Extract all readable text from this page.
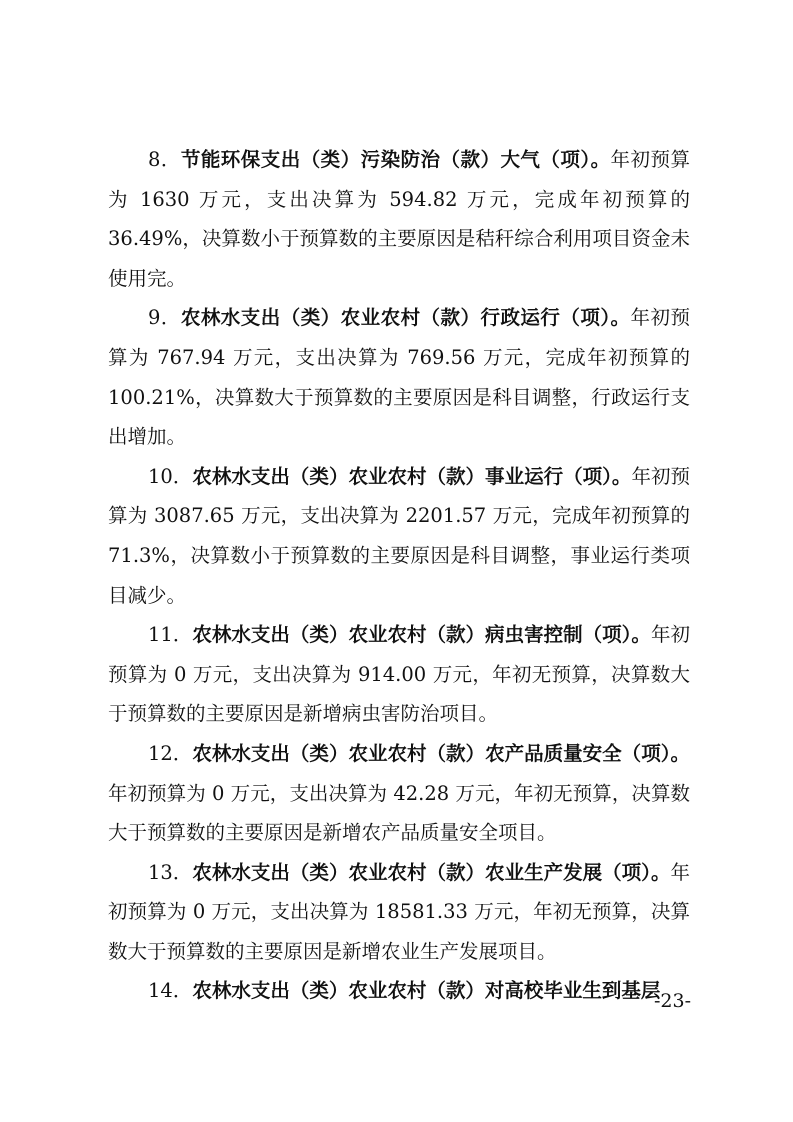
8．节能环保支出（类）污染防治（款）大气（项）。年初预算为 1630 万元，支出决算为 594.82 万元，完成年初预算的 36.49%，决算数小于预算数的主要原因是秸秆综合利用项目资金未使用完。

9．农林水支出（类）农业农村（款）行政运行（项）。年初预算为 767.94 万元，支出决算为 769.56 万元，完成年初预算的 100.21%，决算数大于预算数的主要原因是科目调整，行政运行支出增加。

10．农林水支出（类）农业农村（款）事业运行（项）。年初预算为 3087.65 万元，支出决算为 2201.57 万元，完成年初预算的 71.3%，决算数小于预算数的主要原因是科目调整，事业运行类项目减少。

11．农林水支出（类）农业农村（款）病虫害控制（项）。年初预算为 0 万元，支出决算为 914.00 万元，年初无预算，决算数大于预算数的主要原因是新增病虫害防治项目。

12．农林水支出（类）农业农村（款）农产品质量安全（项）。年初预算为 0 万元，支出决算为 42.28 万元，年初无预算，决算数大于预算数的主要原因是新增农产品质量安全项目。

13．农林水支出（类）农业农村（款）农业生产发展（项）。年初预算为 0 万元，支出决算为 18581.33 万元，年初无预算，决算数大于预算数的主要原因是新增农业生产发展项目。

14．农林水支出（类）农业农村（款）对高校毕业生到基层

-23-
